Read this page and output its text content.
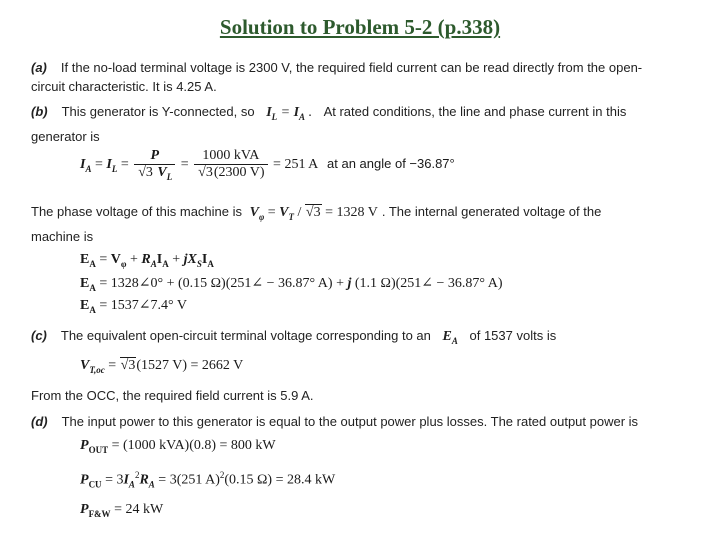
Solution to Problem 5-2 (p.338)
(a) If the no-load terminal voltage is 2300 V, the required field current can be read directly from the open-circuit characteristic. It is 4.25 A.
(b) This generator is Y-connected, so $I_L = I_A$ . At rated conditions, the line and phase current in this generator is
$I_A = I_L = \frac{P}{√3 V_L} = \frac{\text{1000 kVA}}{√3(2300 V)} = 251$ A at an angle of −36.87°
The phase voltage of this machine is $V_\varphi = V_T / √3 = 1328$ V . The internal generated voltage of the machine is
$E_A = V_\varphi + R_AI_A + jX_SI_A$
$E_A$ = 1328∠0° + (0.15 Ω)(251∠ − 36.87° A) + j (1.1 Ω)(251∠ − 36.87° A)
$E_A$ = 1537∠7.4° V
(c) The equivalent open-circuit terminal voltage corresponding to an $E_A$ of 1537 volts is
$V_{T,oc} = √3(1527$ V) = 2662 V
From the OCC, the required field current is 5.9 A.
(d) The input power to this generator is equal to the output power plus losses. The rated output power is
$P_{OUT} = (1000$ kVA)(0.8) = 800 kW
$P_{CU} = 3I_A^2R_A = 3(251$ A)$^2$(0.15 Ω) = 28.4 kW
$P_{F\&W} = 24$ kW
